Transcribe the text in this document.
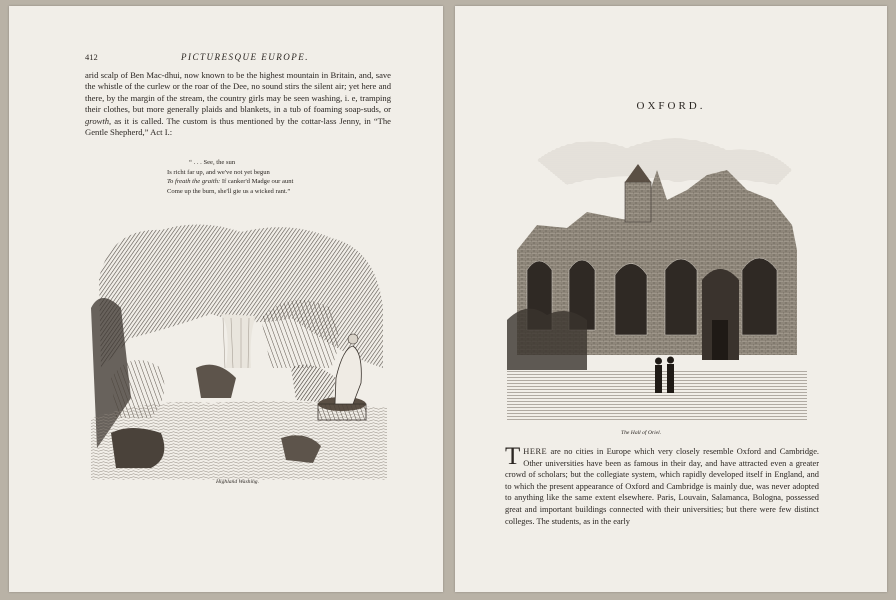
412	PICTURESQUE EUROPE.

arid scalp of Ben Mac-dhui, now known to be the highest mountain in Britain, and, save the whistle of the curlew or the roar of the Dee, no sound stirs the silent air; yet here and there, by the margin of the stream, the country girls may be seen washing, i. e, tramping their clothes, but more generally plaids and blankets, in a tub of foaming soap-suds, or growth, as it is called. The custom is thus mentioned by the cottar-lass Jenny, in “The Gentle Shepherd,” Act I.:

“ . . . See, the sun
Is richt far up, and we've not yet begun
To freath the graith: If canker'd Madge our aunt
Come up the burn, she'll gie us a wicked rant.”
Highland Washing.
OXFORD.
The Hall of Oriel.

THERE are no cities in Europe which very closely resemble Oxford and Cambridge. Other universities have been as famous in their day, and have attracted even a greater crowd of scholars; but the collegiate system, which rapidly developed itself in England, and to which the present appearance of Oxford and Cambridge is mainly due, was never adopted to anything like the same extent elsewhere. Paris, Louvain, Salamanca, Bologna, possessed great and important buildings connected with their universities; but there were few distinct colleges. The students, as in the early
